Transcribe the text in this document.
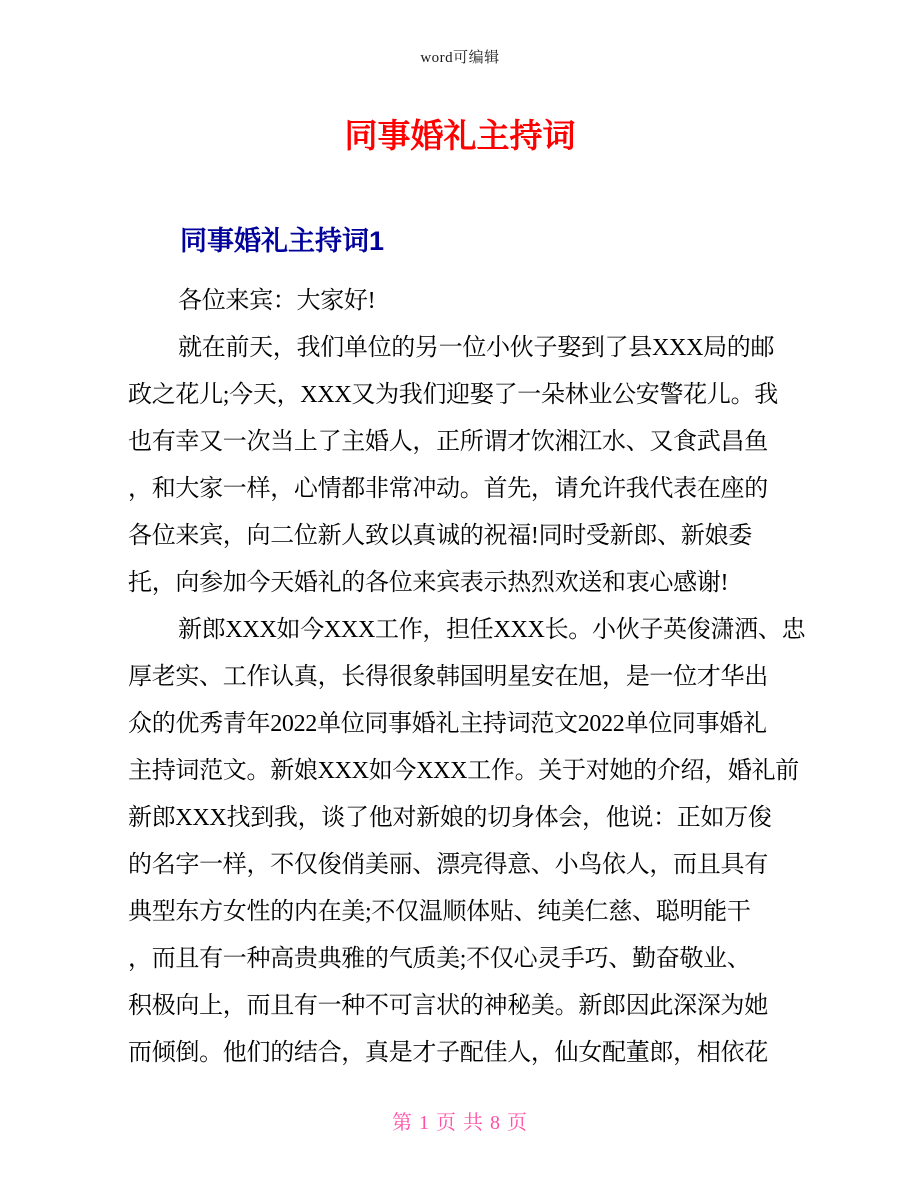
word可编辑
同事婚礼主持词
同事婚礼主持词1
各位来宾：大家好!
就在前天，我们单位的另一位小伙子娶到了县XXX局的邮
政之花儿;今天，XXX又为我们迎娶了一朵林业公安警花儿。我
也有幸又一次当上了主婚人，正所谓才饮湘江水、又食武昌鱼
，和大家一样，心情都非常冲动。首先，请允许我代表在座的
各位来宾，向二位新人致以真诚的祝福!同时受新郎、新娘委
托，向参加今天婚礼的各位来宾表示热烈欢送和衷心感谢!
新郎XXX如今XXX工作，担任XXX长。小伙子英俊潇洒、忠
厚老实、工作认真，长得很象韩国明星安在旭，是一位才华出
众的优秀青年2022单位同事婚礼主持词范文2022单位同事婚礼
主持词范文。新娘XXX如今XXX工作。关于对她的介绍，婚礼前
新郎XXX找到我，谈了他对新娘的切身体会，他说：正如万俊
的名字一样，不仅俊俏美丽、漂亮得意、小鸟依人，而且具有
典型东方女性的内在美;不仅温顺体贴、纯美仁慈、聪明能干
，而且有一种高贵典雅的气质美;不仅心灵手巧、勤奋敬业、
积极向上，而且有一种不可言状的神秘美。新郎因此深深为她
而倾倒。他们的结合，真是才子配佳人，仙女配董郎，相依花
第 1 页 共 8 页
